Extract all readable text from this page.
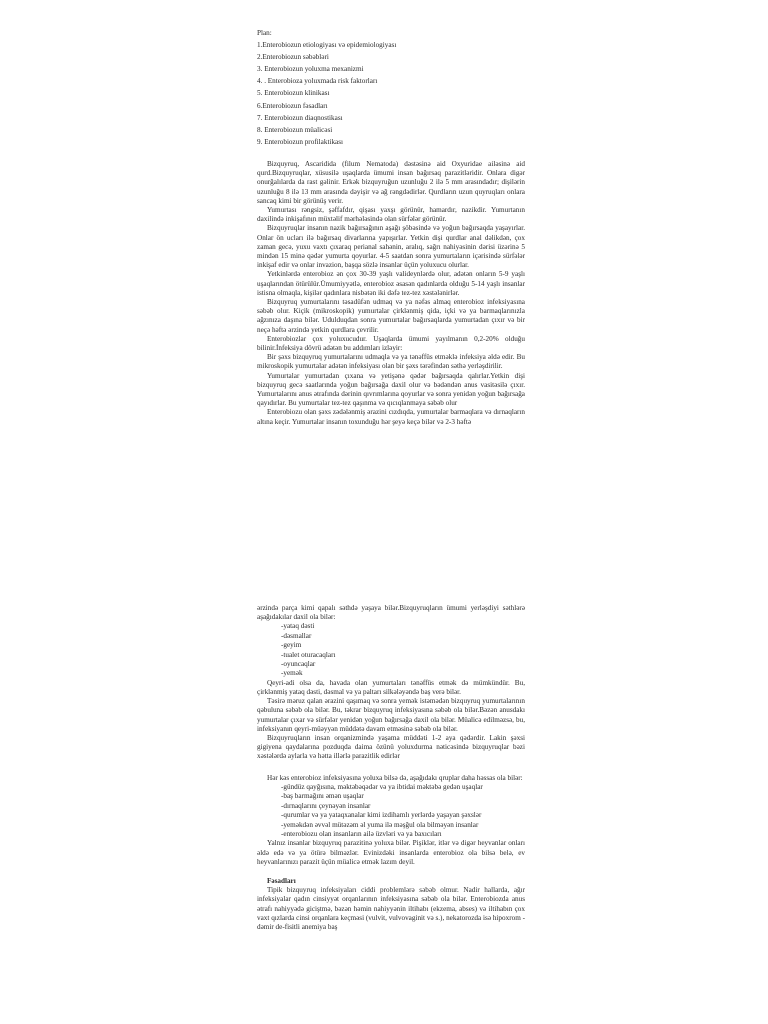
Plan:
1.Enterobiozun etiologiyası və epidemiologiyası
2.Enterobiozun səbəbləri
3. Enterobiozun yoluxma mexanizmi
4. . Enterobioza yoluxmada risk faktorları
5. Enterobiozun klinikası
6.Enterobiozun fəsadları
7. Enterobiozun diaqnostikası
8. Enterobiozun müalicəsi
9. Enterobiozun profilaktikası

Bizquyruq, Ascaridida (filum Nematoda) dəstəsinə aid Oxyuridae ailəsinə aid qurd.Bizquyruqlar, xüsusilə uşaqlarda ümumi insan bağırsaq parazitləridir. Onlara digər onurğalılarda da rast gəlinir. Erkək bizquyruğun uzunluğu 2 ilə 5 mm arasındadır; dişilərin uzunluğu 8 ilə 13 mm arasında dəyişir və ağ rəngdədirlər. Qurdların uzun quyruqları onlara sancaq kimi bir görünüş verir.

Yumurtası rəngsiz, şəffafdır, qişası yaxşı görünür, hamardır, nazikdir. Yumurtanın daxilində inkişafının müxtəlif mərhələsində olan sürfələr görünür.

Bizquyruqlar insanın nazik bağırsağının aşağı şöbəsində və yoğun bağırsaqda yaşayırlar. Onlar ön ucları ilə bağırsaq divarlarına yapışırlar. Yetkin dişi qurdlar anal dəlikdən, çox zaman gecə, yuxu vaxtı çıxaraq perianal sahənin, aralıq, sağrı nahiyəsinin dərisi üzərinə 5 mindən 15 minə qədər yumurta qoyurlar. 4-5 saatdan sonra yumurtaların içərisində sürfələr inkişaf edir və onlar invazion, başqa sözlə insanlar üçün yoluxucu olurlar.

Yetkinlərdə enterobioz ən çox 30-39 yaşlı valideynlərdə olur, adətən onların 5-9 yaşlı uşaqlarından ötürülür.Ümumiyyətlə, enterobioz əsasən qadınlarda olduğu 5-14 yaşlı insanlar istisna olmaqla, kişilər qadınlara nisbətən iki dəfə tez-tez xəstələnirlər.

Bizquyruq yumurtalarını təsadüfən udmaq və ya nəfəs almaq enterobioz infeksiyasına səbəb olur. Kiçik (mikroskopik) yumurtalar çirklənmiş qida, içki və ya barmaqlarınızla ağzınıza daşına bilər. Udulduqdan sonra yumurtalar bağırsaqlarda yumurtadan çıxır və bir neçə həftə ərzində yetkin qurdlara çevrilir.

Enterobiozlar çox yoluxucudur. Uşaqlarda ümumi yayılmanın 0,2-20% olduğu bilinir.İnfeksiya dövrü adətən bu addımları izləyir:

Bir şəxs bizquyruq yumurtalarını udmaqla və ya tənəffüs etməklə infeksiya əldə edir. Bu mikroskopik yumurtalar adətən infeksiyası olan bir şəxs tərəfindən səthə yerləşdirilir.

Yumurtalar yumurtadan çıxana və yetişənə qədər bağırsaqda qalırlar.Yetkin dişi bizquyruq gecə saatlarında yoğun bağırsağa daxil olur və bədəndən anus vasitəsilə çıxır. Yumurtalarını anus ətrafında dərinin qıvrımlarına qoyurlar və sonra yenidən yoğun bağırsağa qayıdırlar. Bu yumurtalar tez-tez qaşınma və qıcıqlanmaya səbəb olur

Enterobiozu olan şəxs zədələnmiş ərazini cızdıqda, yumurtalar barmaqlara və dırnaqların altına keçir. Yumurtalar insanın toxunduğu hər şeyə keçə bilər və 2-3 həftə

ərzində parça kimi qapalı səthdə yaşaya bilər.Bizquyruqların ümumi yerləşdiyi səthlərə aşağıdakılar daxil ola bilər:

-yataq dəsti
-dəsmallar
-geyim
-tualet oturacaqları
-oyuncaqlar
-yemək

Qeyri-adi olsa da, havada olan yumurtaları tənəffüs etmək də mümkündür. Bu, çirklənmiş yataq dəsti, dəsmal və ya paltarı silkələyəndə baş verə bilər.

Təsirə məruz qalan ərazini qaşımaq və sonra yemək istəmədən bizquyruq yumurtalarının qəbuluna səbəb ola bilər. Bu, təkrar bizquyruq infeksiyasına səbəb ola bilər.Bəzən anusdakı yumurtalar çıxar və sürfələr yenidən yoğun bağırsağa daxil ola bilər. Müalicə edilməzsə, bu, infeksiyanın qeyri-müəyyən müddətə davam etməsinə səbəb ola bilər.

Bizquyruqların insan orqanizmində yaşama müddəti 1-2 aya qədərdir. Lakin şəxsi gigiyena qaydalarına pozduqda daima özünü yoluxdurma nəticəsində bizquyruqlar bəzi xəstələrdə aylarla və hətta illərlə parazitlik edirlər

Hər kəs enterobioz infeksiyasına yoluxa bilsə də, aşağıdakı qruplar daha həssas ola bilər:

-gündüz qayğısına, məktəbəqədər və ya ibtidai məktəbə gedən uşaqlar
-baş barmağını əmən uşaqlar
-dırnaqlarını çeynəyən insanlar
-qurumlar və ya yataqxanalar kimi izdihamlı yerlərdə yaşayan şəxslər
-yeməkdən əvvəl mütəzəm əl yuma ilə məşğul ola bilməyən insanlar
-enterobiozu olan insanların ailə üzvləri və ya baxıcıları

Yalnız insanlar bizquyruq parazitinə yoluxa bilər. Pişiklər, itlər və digər heyvanlar onları əldə edə və ya ötürə bilməzlər. Evinizdəki insanlarda enterobioz ola bilsə belə, ev heyvanlarınızı parazit üçün müalicə etmək lazım deyil.

Fəsadları

Tipik bizquyruq infeksiyaları ciddi problemlərə səbəb olmur. Nadir hallarda, ağır infeksiyalar qadın cinsiyyət orqanlarının infeksiyasına səbəb ola bilər. Enterobiozda anus ətrafı nahiyyədə giciştmə, bəzən həmin nahiyyənin iltihabı (ekzema, abses) və iltihabın çox vaxt qızlarda cinsi orqanlara keçməsi (vulvit, vulvovaginit və s.), nekatorozda isə hipoxrom - dəmir de-fisitli anemiya baş
